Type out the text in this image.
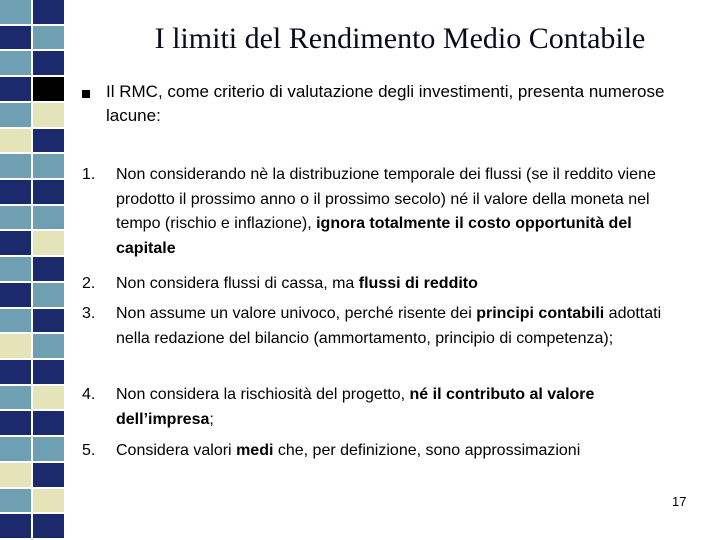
I limiti del Rendimento Medio Contabile
Il RMC, come criterio di valutazione degli investimenti, presenta numerose lacune:
1.	Non considerando nè la distribuzione temporale dei flussi (se il reddito viene prodotto il prossimo anno o il prossimo secolo) né il valore della moneta nel tempo (rischio e inflazione), ignora totalmente il costo opportunità del capitale
2.	Non considera flussi di cassa, ma flussi di reddito
3.	Non assume un valore univoco, perché risente dei principi contabili adottati nella redazione del bilancio (ammortamento, principio di competenza);
4.	Non considera la rischiosità del progetto, né il contributo al valore dell’impresa;
5.	Considera valori medi che, per definizione, sono approssimazioni
17
